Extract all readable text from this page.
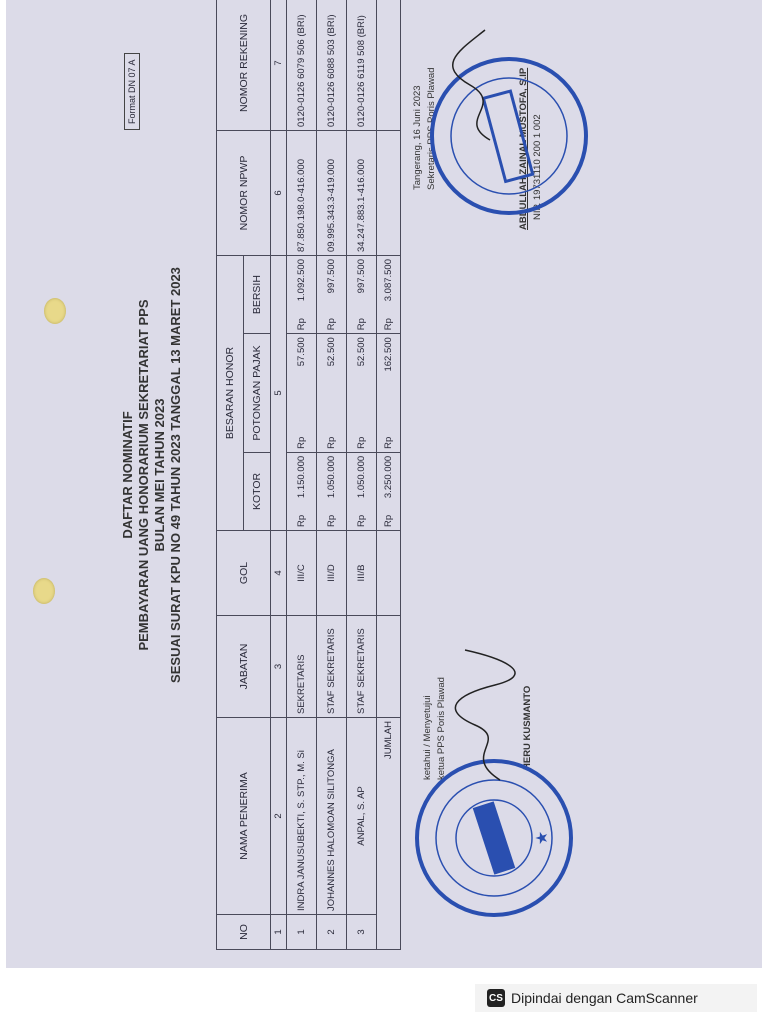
Format DN 07 A
DAFTAR NOMINATIF PEMBAYARAN UANG HONORARIUM SEKRETARIAT PPS BULAN MEI TAHUN 2023 SESUAI SURAT KPU NO 49 TAHUN 2023 TANGGAL 13 MARET 2023
NO	NAMA PENERIMA	JABATAN	GOL	BESARAN HONOR						NOMOR NPWP	NOMOR REKENING
				KOTOR		POTONGAN PAJAK		BERSIH			
1	2	3	4	5						6	7
1	INDRA JANUSUBEKTI, S. STP., M. Si	SEKRETARIS	III/C	Rp	1.150.000	Rp	57.500	Rp	1.092.500	87.850.198.0-416.000	0120-0126 6079 506 (BRI)
2	JOHANNES HALOMOAN SILITONGA	STAF SEKRETARIS	III/D	Rp	1.050.000	Rp	52.500	Rp	997.500	09.995.343.3-419.000	0120-0126 6088 503 (BRI)
3	ANPAL, S. AP	STAF SEKRETARIS	III/B	Rp	1.050.000	Rp	52.500	Rp	997.500	34.247.883.1-416.000	0120-0126 6119 508 (BRI)
JUMLAH				Rp	3.250.000	Rp	162.500	Rp	3.087.500		
ketahui / Menyetujui ketua PPS Poris Plawad	HERU KUSMANTO
★
Tangerang, 16 Juni 2023 Sekretaris PPS Poris Plawad	ABDULLAH ZAINAL MUSTOFA, S.IP NIP. 19731110 200 1 002
CS Dipindai dengan CamScanner
